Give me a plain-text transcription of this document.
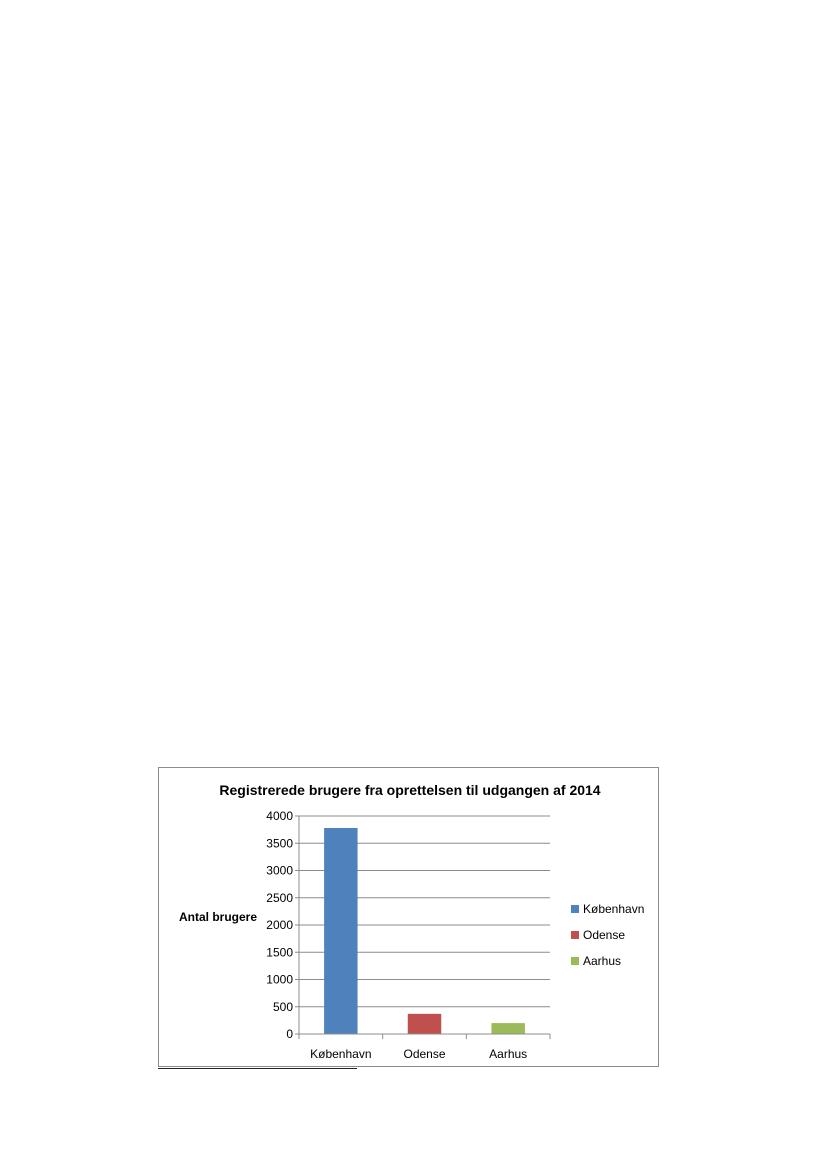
Registrerede brugere fra oprettelsen til udgangen af 2014
Antal brugere
0
500
1000
1500
2000
2500
3000
3500
4000
København	Odense	Aarhus
København
Odense
Aarhus
